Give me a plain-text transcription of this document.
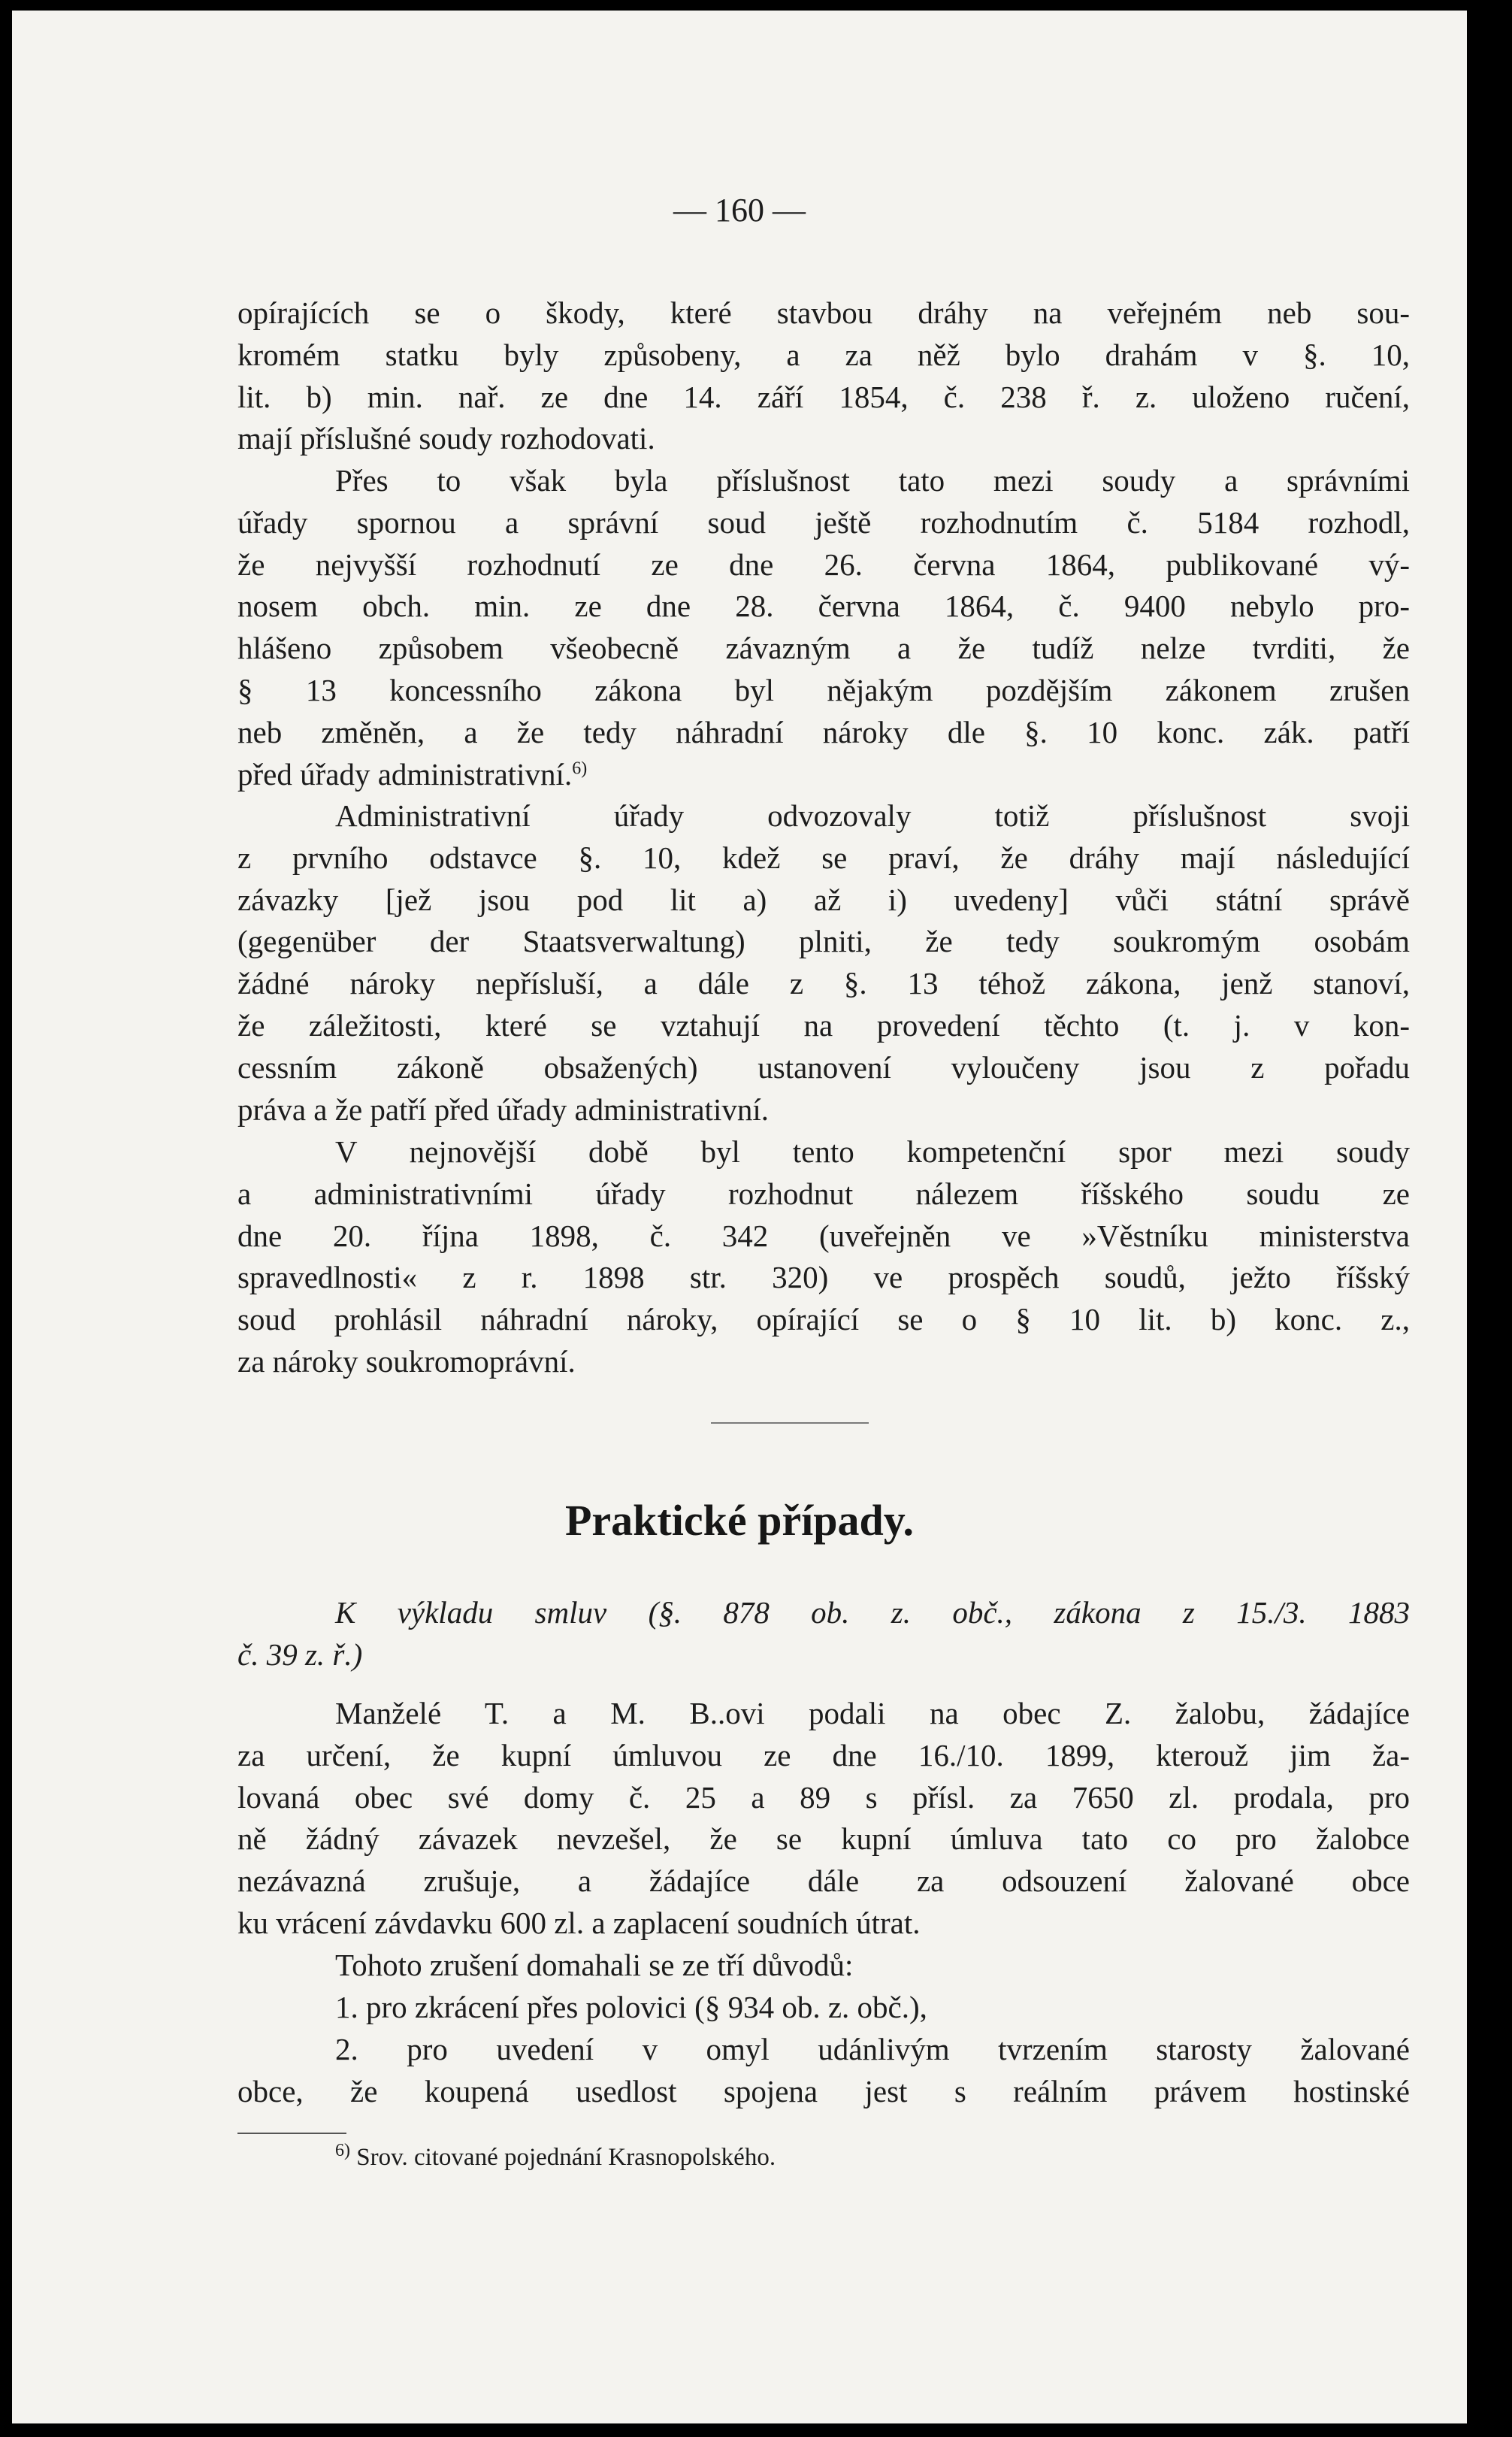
— 160 —
opírajících se o škody, které stavbou dráhy na veřejném neb sou-
kromém statku byly způsobeny, a za něž bylo drahám v §. 10,
lit. b) min. nař. ze dne 14. září 1854, č. 238 ř. z. uloženo ručení,
mají příslušné soudy rozhodovati.
Přes to však byla příslušnost tato mezi soudy a správními
úřady spornou a správní soud ještě rozhodnutím č. 5184 rozhodl,
že nejvyšší rozhodnutí ze dne 26. června 1864, publikované vý-
nosem obch. min. ze dne 28. června 1864, č. 9400 nebylo pro-
hlášeno způsobem všeobecně závazným a že tudíž nelze tvrditi, že
§ 13 koncessního zákona byl nějakým pozdějším zákonem zrušen
neb změněn, a že tedy náhradní nároky dle §. 10 konc. zák. patří
před úřady administrativní.$^{6)}$
Administrativní úřady odvozovaly totiž příslušnost svoji
z prvního odstavce §. 10, kdež se praví, že dráhy mají následující
závazky [jež jsou pod lit a) až i) uvedeny] vůči státní správě
(gegenüber der Staatsverwaltung) plniti, že tedy soukromým osobám
žádné nároky nepřísluší, a dále z §. 13 téhož zákona, jenž stanoví,
že záležitosti, které se vztahují na provedení těchto (t. j. v kon-
cessním zákoně obsažených) ustanovení vyloučeny jsou z pořadu
práva a že patří před úřady administrativní.
V nejnovější době byl tento kompetenční spor mezi soudy
a administrativními úřady rozhodnut nálezem říšského soudu ze
dne 20. října 1898, č. 342 (uveřejněn ve »Věstníku ministerstva
spravedlnosti« z r. 1898 str. 320) ve prospěch soudů, ježto říšský
soud prohlásil náhradní nároky, opírající se o § 10 lit. b) konc. z.,
za nároky soukromoprávní.
Praktické případy.
K výkladu smluv (§. 878 ob. z. obč., zákona z 15./3. 1883
č. 39 z. ř.)
Manželé T. a M. B..ovi podali na obec Z. žalobu, žádajíce
za určení, že kupní úmluvou ze dne 16./10. 1899, kterouž jim ža-
lovaná obec své domy č. 25 a 89 s přísl. za 7650 zl. prodala, pro
ně žádný závazek nevzešel, že se kupní úmluva tato co pro žalobce
nezávazná zrušuje, a žádajíce dále za odsouzení žalované obce
ku vrácení závdavku 600 zl. a zaplacení soudních útrat.
Tohoto zrušení domahali se ze tří důvodů:
1. pro zkrácení přes polovici (§ 934 ob. z. obč.),
2. pro uvedení v omyl udánlivým tvrzením starosty žalované
obce, že koupená usedlost spojena jest s reálním právem hostinské
$^{6)}$ Srov. citované pojednání Krasnopolského.
